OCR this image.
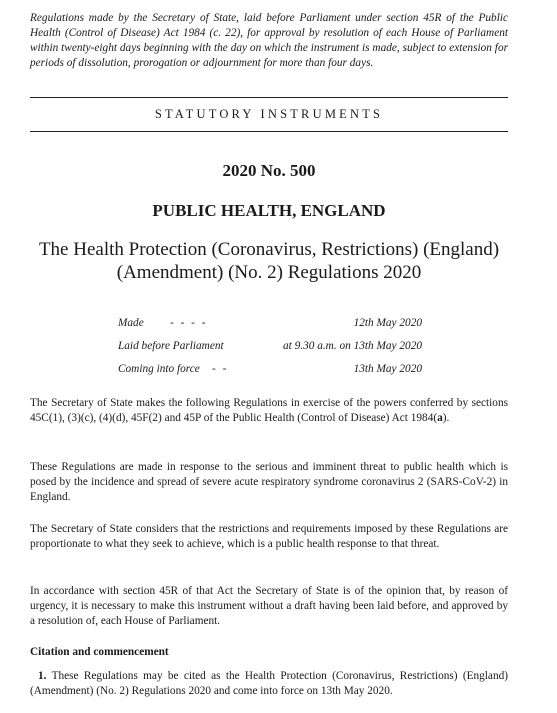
Regulations made by the Secretary of State, laid before Parliament under section 45R of the Public Health (Control of Disease) Act 1984 (c. 22), for approval by resolution of each House of Parliament within twenty-eight days beginning with the day on which the instrument is made, subject to extension for periods of dissolution, prorogation or adjournment for more than four days.

STATUTORY INSTRUMENTS
2020 No. 500
PUBLIC HEALTH, ENGLAND
The Health Protection (Coronavirus, Restrictions) (England)
(Amendment) (No. 2) Regulations 2020
Made - - - -	12th May 2020
Laid before Parliament	at 9.30 a.m. on 13th May 2020
Coming into force - -	13th May 2020

The Secretary of State makes the following Regulations in exercise of the powers conferred by sections 45C(1), (3)(c), (4)(d), 45F(2) and 45P of the Public Health (Control of Disease) Act 1984(a).

These Regulations are made in response to the serious and imminent threat to public health which is posed by the incidence and spread of severe acute respiratory syndrome coronavirus 2 (SARS-CoV-2) in England.

The Secretary of State considers that the restrictions and requirements imposed by these Regulations are proportionate to what they seek to achieve, which is a public health response to that threat.

In accordance with section 45R of that Act the Secretary of State is of the opinion that, by reason of urgency, it is necessary to make this instrument without a draft having been laid before, and approved by a resolution of, each House of Parliament.

Citation and commencement

1. These Regulations may be cited as the Health Protection (Coronavirus, Restrictions) (England) (Amendment) (No. 2) Regulations 2020 and come into force on 13th May 2020.
